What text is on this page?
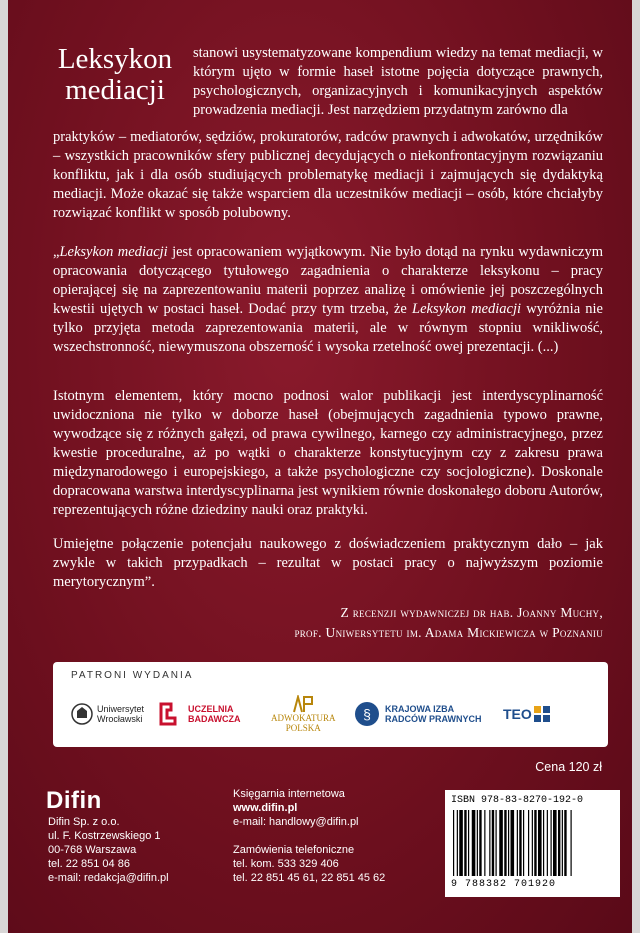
Leksykon
mediacji
stanowi usystematyzowane kompendium wiedzy na temat mediacji, w którym ujęto w formie haseł istotne pojęcia dotyczące prawnych, psychologicznych, organizacyjnych i komunikacyjnych aspektów prowadzenia mediacji. Jest narzędziem przydatnym zarówno dla
praktyków – mediatorów, sędziów, prokuratorów, radców prawnych i adwokatów, urzędników – wszystkich pracowników sfery publicznej decydujących o niekonfrontacyjnym rozwiązaniu konfliktu, jak i dla osób studiujących problematykę mediacji i zajmujących się dydaktyką mediacji. Może okazać się także wsparciem dla uczestników mediacji – osób, które chciałyby rozwiązać konflikt w sposób polubowny.
„Leksykon mediacji jest opracowaniem wyjątkowym. Nie było dotąd na rynku wydawniczym opracowania dotyczącego tytułowego zagadnienia o charakterze leksykonu – pracy opierającej się na zaprezentowaniu materii poprzez analizę i omówienie jej poszczególnych kwestii ujętych w postaci haseł. Dodać przy tym trzeba, że Leksykon mediacji wyróżnia nie tylko przyjęta metoda zaprezentowania materii, ale w równym stopniu wnikliwość, wszechstronność, niewymuszona obszerność i wysoka rzetelność owej prezentacji. (...)
Istotnym elementem, który mocno podnosi walor publikacji jest interdyscyplinarność uwidoczniona nie tylko w doborze haseł (obejmujących zagadnienia typowo prawne, wywodzące się z różnych gałęzi, od prawa cywilnego, karnego czy administracyjnego, przez kwestie proceduralne, aż po wątki o charakterze konstytucyjnym czy z zakresu prawa międzynarodowego i europejskiego, a także psychologiczne czy socjologiczne). Doskonale dopracowana warstwa interdyscyplinarna jest wynikiem równie doskonałego doboru Autorów, reprezentujących różne dziedziny nauki oraz praktyki.
Umiejętne połączenie potencjału naukowego z doświadczeniem praktycznym dało – jak zwykle w takich przypadkach – rezultat w postaci pracy o najwyższym poziomie merytorycznym”.
Z recenzji wydawniczej dr hab. Joanny Muchy,
prof. Uniwersytetu im. Adama Mickiewicza w Poznaniu
PATRONI WYDANIA
Uniwersytet
Wrocławski
UCZELNIA
BADAWCZA	ADWOKATURA
POLSKA
§ KRAJOWA IZBA
RADCÓW PRAWNYCH TEO
Cena 120 zł
Difin
Difin Sp. z o.o.
ul. F. Kostrzewskiego 1
00-768 Warszawa
tel. 22 851 04 86
e-mail: redakcja@difin.pl
Księgarnia internetowa
www.difin.pl
e-mail: handlowy@difin.pl
Zamówienia telefoniczne
tel. kom. 533 329 406
tel. 22 851 45 61, 22 851 45 62
ISBN 978-83-8270-192-0
9 788382 701920
